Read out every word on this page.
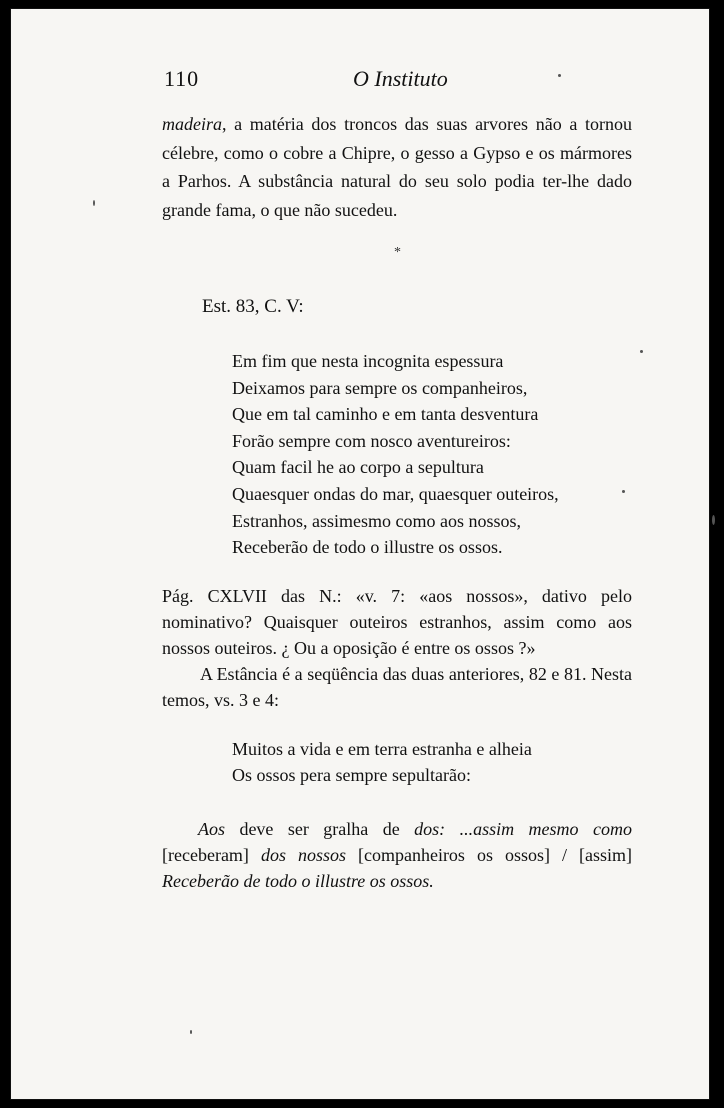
110	O Instituto

madeira, a matéria dos troncos das suas arvores não a tornou célebre, como o cobre a Chipre, o gesso a Gypso e os mármores a Parhos. A substância natural do seu solo podia ter-lhe dado grande fama, o que não sucedeu.

*
Est. 83, C. V:
Em fim que nesta incognita espessura
Deixamos para sempre os companheiros,
Que em tal caminho e em tanta desventura
Forão sempre com nosco aventureiros:
Quam facil he ao corpo a sepultura
Quaesquer ondas do mar, quaesquer outeiros,
Estranhos, assimesmo como aos nossos,
Receberão de todo o illustre os ossos.

Pág. CXLVII das N.: «v. 7: «aos nossos», dativo pelo nominativo? Quaisquer outeiros estranhos, assim como aos nossos outeiros. ¿ Ou a oposição é entre os ossos ?»

A Estância é a seqüência das duas anteriores, 82 e 81. Nesta temos, vs. 3 e 4:

Muitos a vida e em terra estranha e alheia
Os ossos pera sempre sepultarão:

Aos deve ser gralha de dos: ...assim mesmo como [receberam] dos nossos [companheiros os ossos] / [assim] Receberão de todo o illustre os ossos.
